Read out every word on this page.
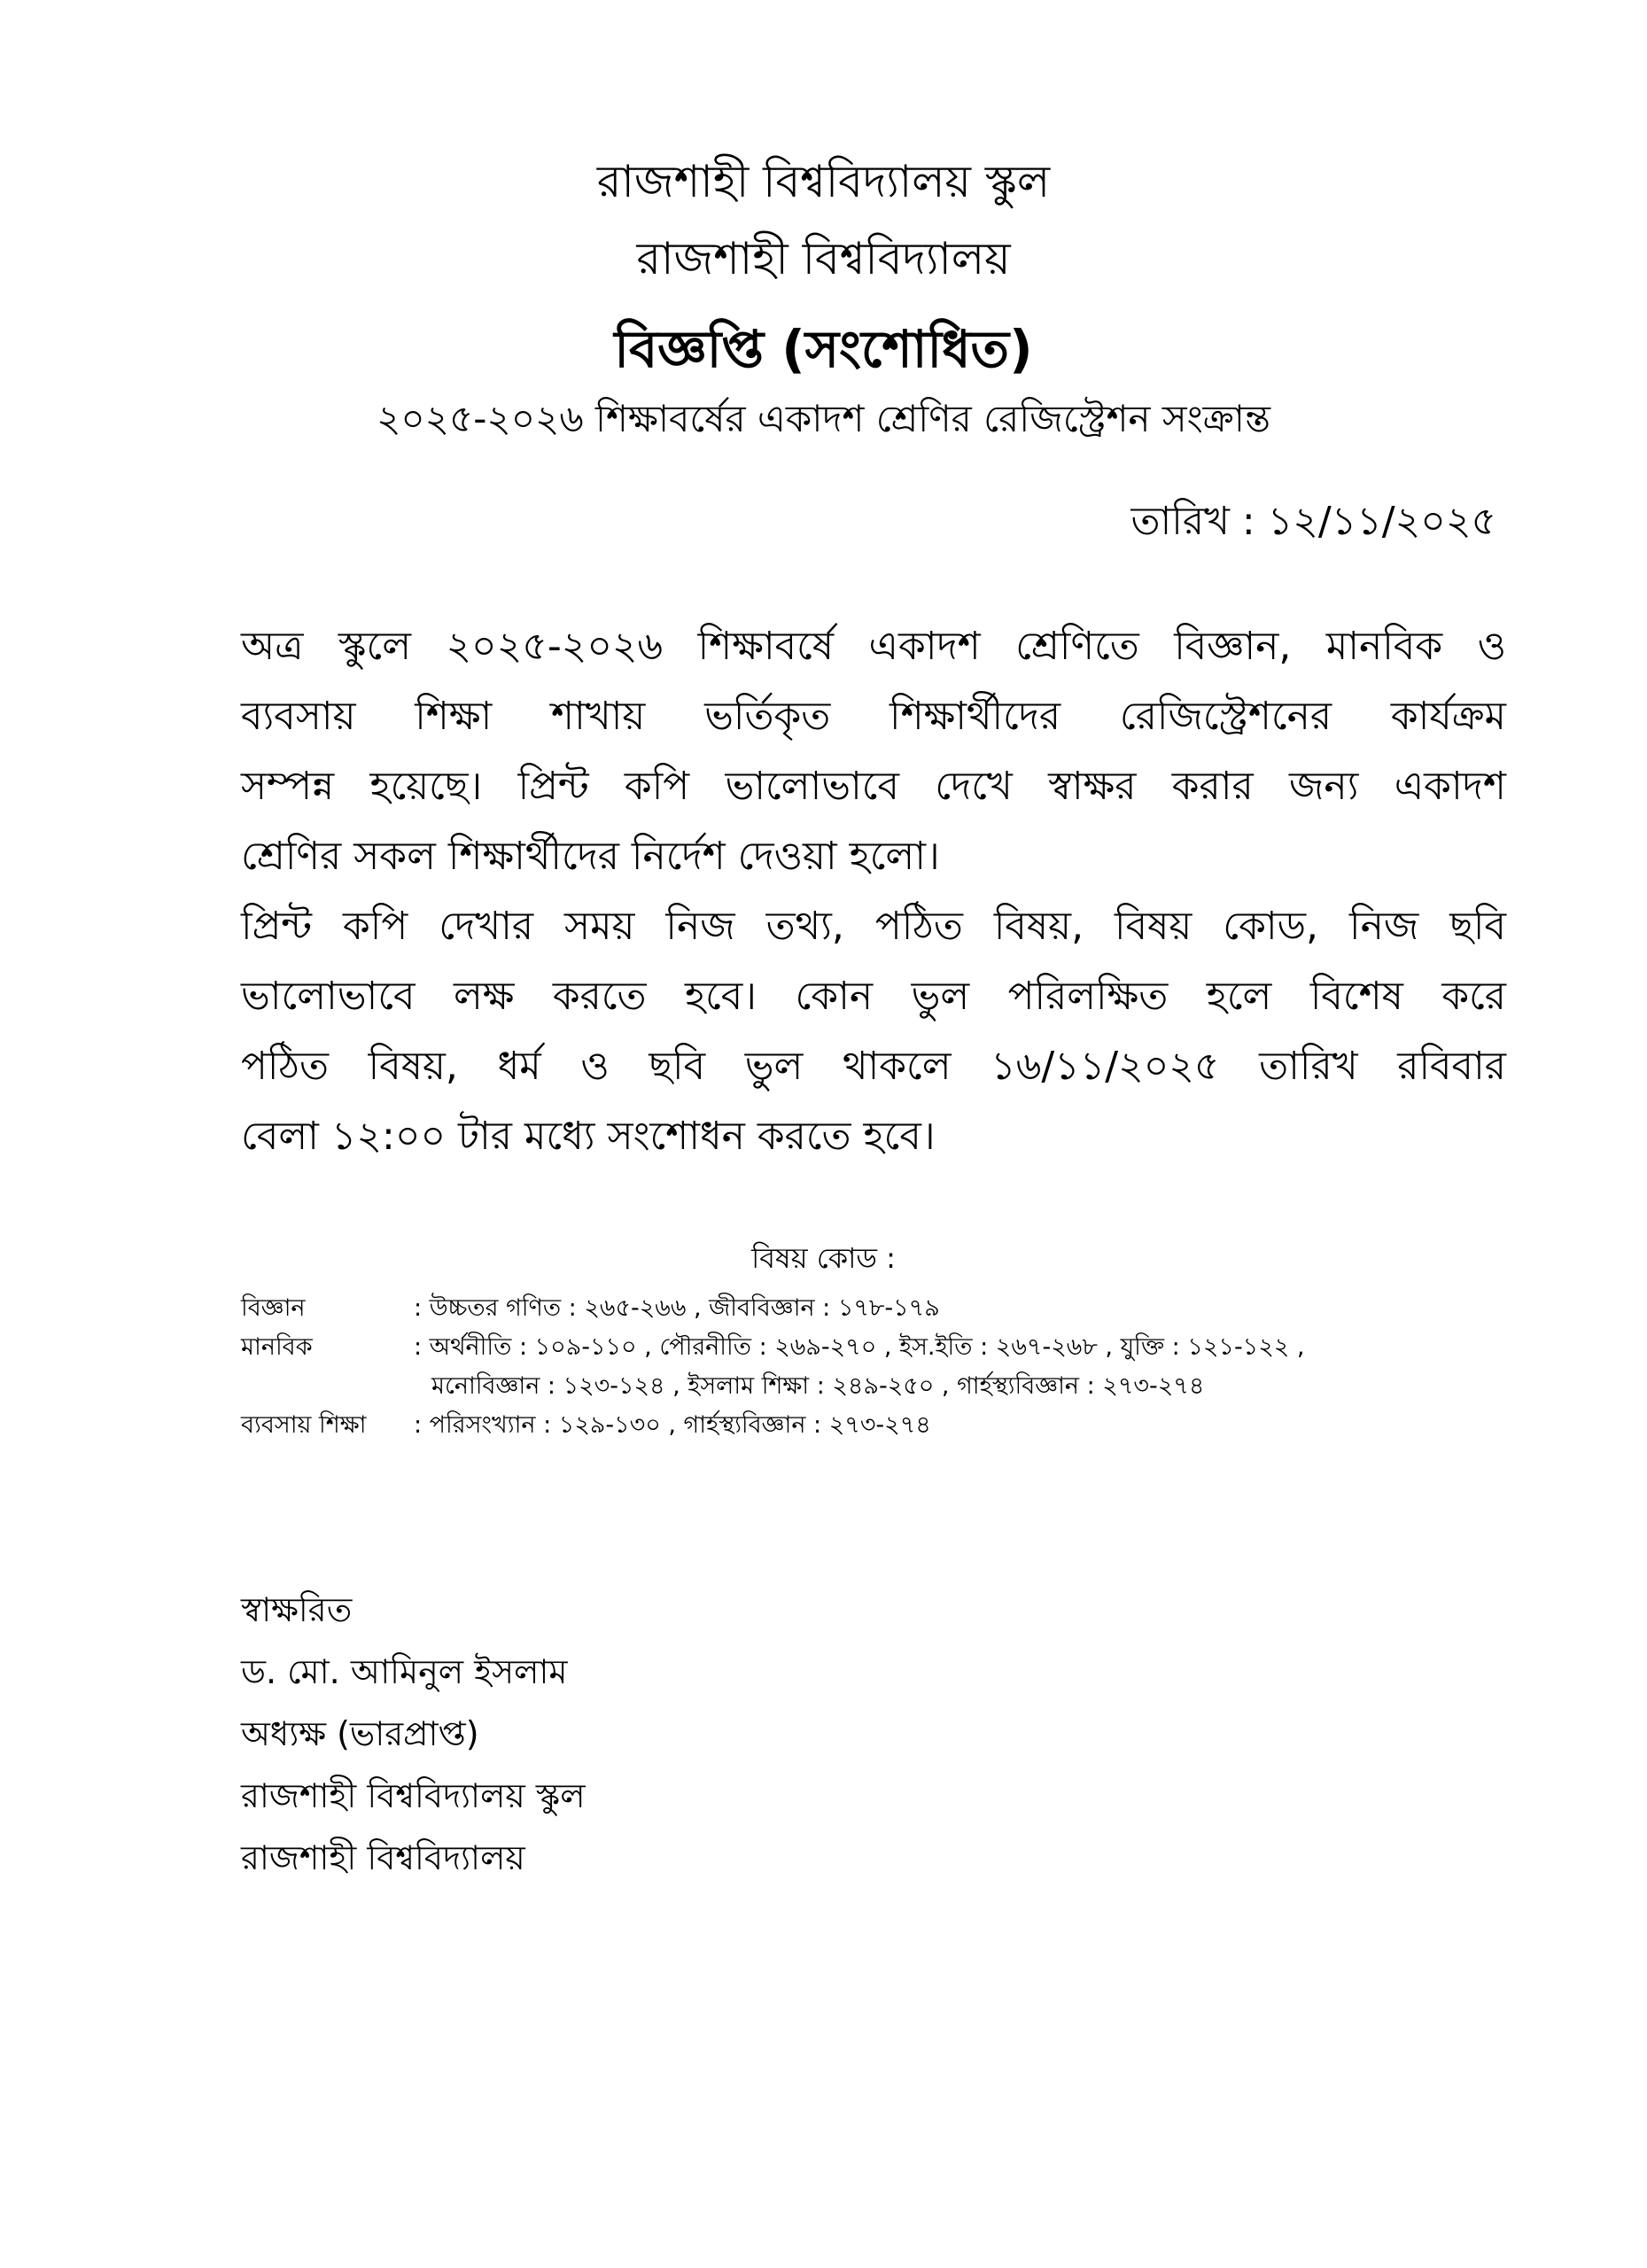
রাজশাহী বিশ্ববিদ্যালয় স্কুল
রাজশাহী বিশ্ববিদ্যালয়
বিজ্ঞপ্তি (সংশোধিত)
২০২৫-২০২৬ শিক্ষাবর্ষের একাদশ শ্রেণির রেজিস্ট্রেশন সংক্রান্ত
তারিখ : ১২/১১/২০২৫
অত্র স্কুলে ২০২৫-২০২৬ শিক্ষাবর্ষে একাদশ শ্রেণিতে বিজ্ঞান, মানবিক ও
ব্যবসায় শিক্ষা শাখায় ভর্তিকৃত শিক্ষার্থীদের রেজিস্ট্রেশনের কার্যক্রম
সম্পন্ন হয়েছে। প্রিন্ট কপি ভালোভাবে দেখে স্বাক্ষর করার জন্য একাদশ
শ্রেণির সকল শিক্ষার্থীদের নির্দেশ দেওয়া হলো।
প্রিন্ট কপি দেখার সময় নিজ তথ্য, পঠিত বিষয়, বিষয় কোড, নিজ ছবি
ভালোভাবে লক্ষ করতে হবে। কোন ভুল পরিলক্ষিত হলে বিশেষ করে
পঠিত বিষয়, ধর্ম ও ছবি ভুল থাকলে ১৬/১১/২০২৫ তারিখ রবিবার
বেলা ১২:০০ টার মধ্যে সংশোধন করতে হবে।
বিষয় কোড :
বিজ্ঞান	: উচ্চতর গণিত : ২৬৫-২৬৬ , জীববিজ্ঞান : ১৭৮-১৭৯
মানবিক	: অর্থনীতি : ১০৯-১১০ , পৌরনীতি : ২৬৯-২৭০ , ইস.ইতি : ২৬৭-২৬৮ , যুক্তি : ১২১-১২২ ,
মনোবিজ্ঞান : ১২৩-১২৪ , ইসলাম শিক্ষা : ২৪৯-২৫০ , গার্হস্থ্যবিজ্ঞান : ২৭৩-২৭৪
ব্যবসায় শিক্ষা : পরিসংখ্যান : ১২৯-১৩০ , গার্হস্থ্যবিজ্ঞান : ২৭৩-২৭৪
স্বাক্ষরিত
ড. মো. আমিনুল ইসলাম
অধ্যক্ষ (ভারপ্রাপ্ত)
রাজশাহী বিশ্ববিদ্যালয় স্কুল
রাজশাহী বিশ্ববিদ্যালয়
